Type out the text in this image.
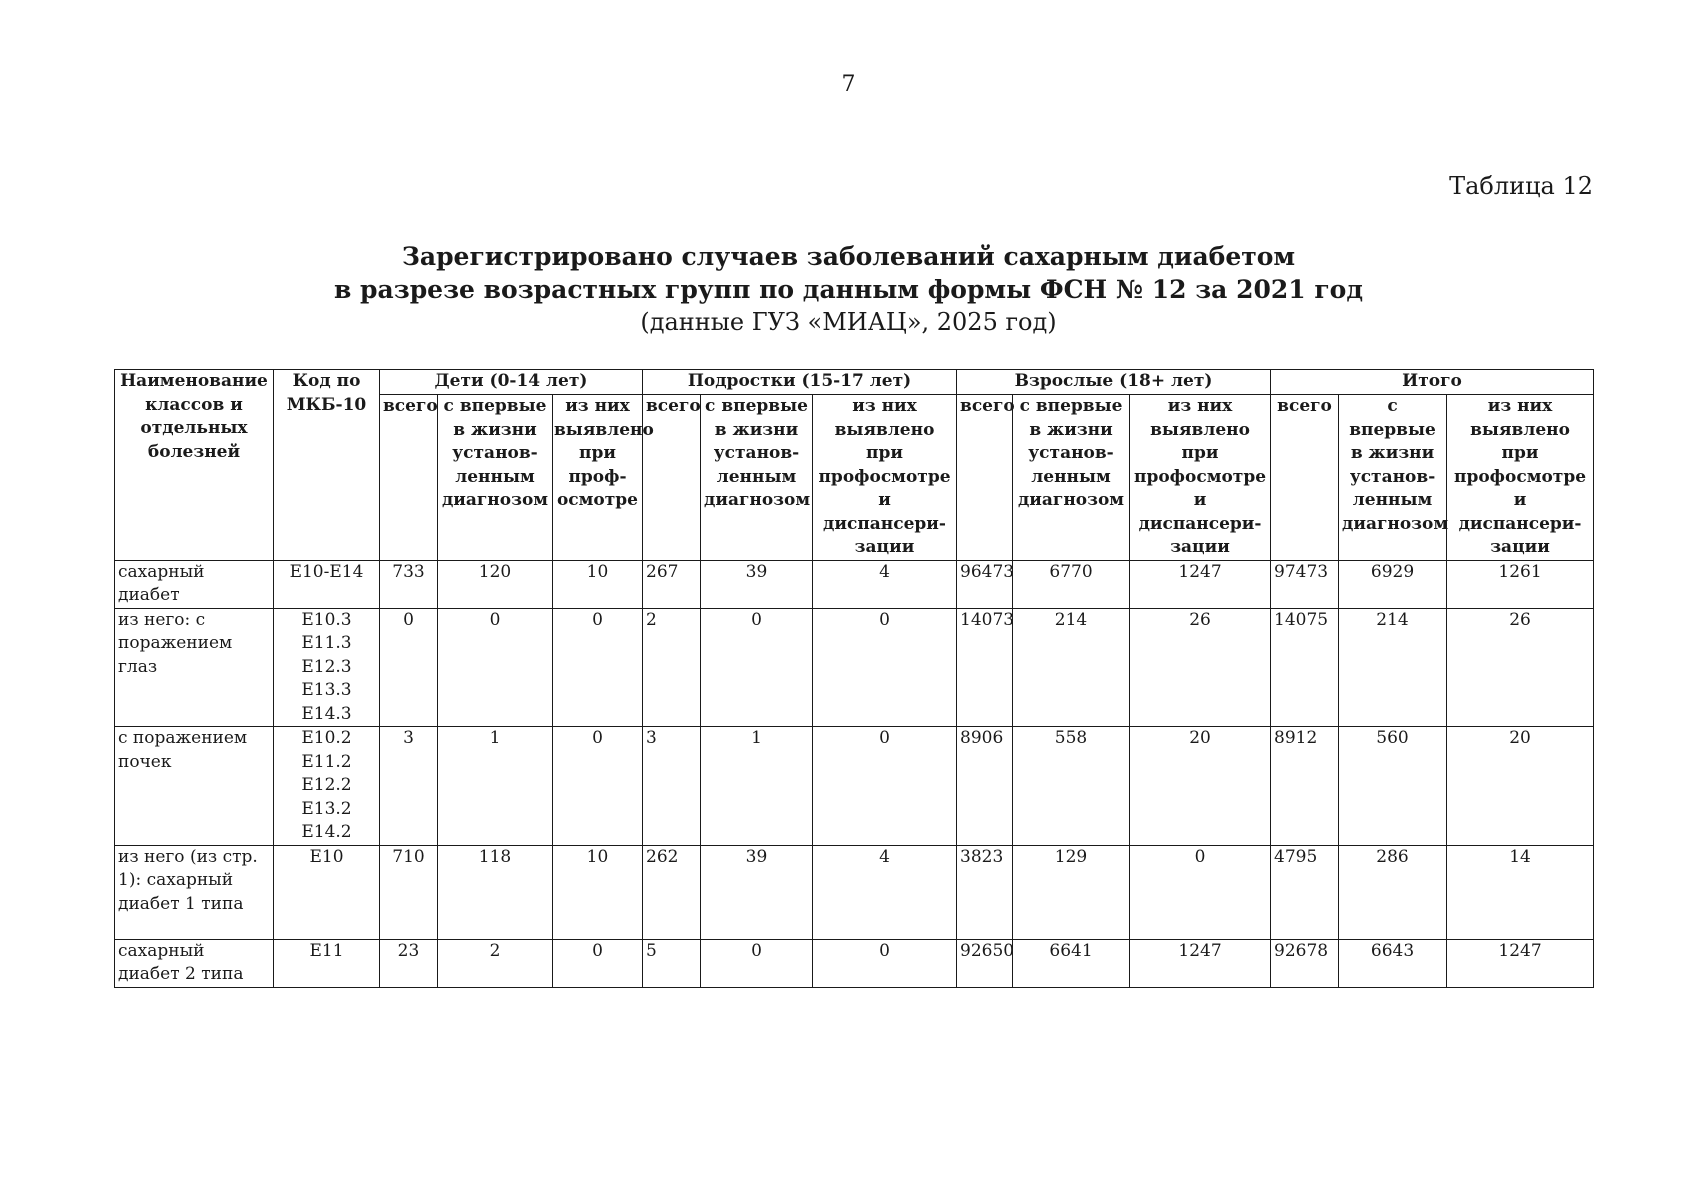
7
Таблица 12
Зарегистрировано случаев заболеваний сахарным диабетом
в разрезе возрастных групп по данным формы ФСН № 12 за 2021 год
(данные ГУЗ «МИАЦ», 2025 год)
Наименование классов и отдельных болезней	Код по МКБ-10	Дети (0-14 лет)			Подростки (15-17 лет)			Взрослые (18+ лет)			Итого		
		всего	с впервые в жизни установ-ленным диагнозом	из них выявлено при проф-осмотре	всего	с впервые в жизни установ-ленным диагнозом	из них выявлено при профосмотре и диспансери-зации	всего	с впервые в жизни установ-ленным диагнозом	из них выявлено при профосмотре и диспансери-зации	всего	с впервые в жизни установ-ленным диагнозом	из них выявлено при профосмотре и диспансери-зации
сахарный диабет	E10-E14	733	120	10	267	39	4	96473	6770	1247	97473	6929	1261
из него: с поражением глаз	E10.3 E11.3 E12.3 E13.3 E14.3	0	0	0	2	0	0	14073	214	26	14075	214	26
с поражением почек	E10.2 E11.2 E12.2 E13.2 E14.2	3	1	0	3	1	0	8906	558	20	8912	560	20
из него (из стр. 1): сахарный диабет 1 типа	E10	710	118	10	262	39	4	3823	129	0	4795	286	14
сахарный диабет 2 типа	E11	23	2	0	5	0	0	92650	6641	1247	92678	6643	1247
